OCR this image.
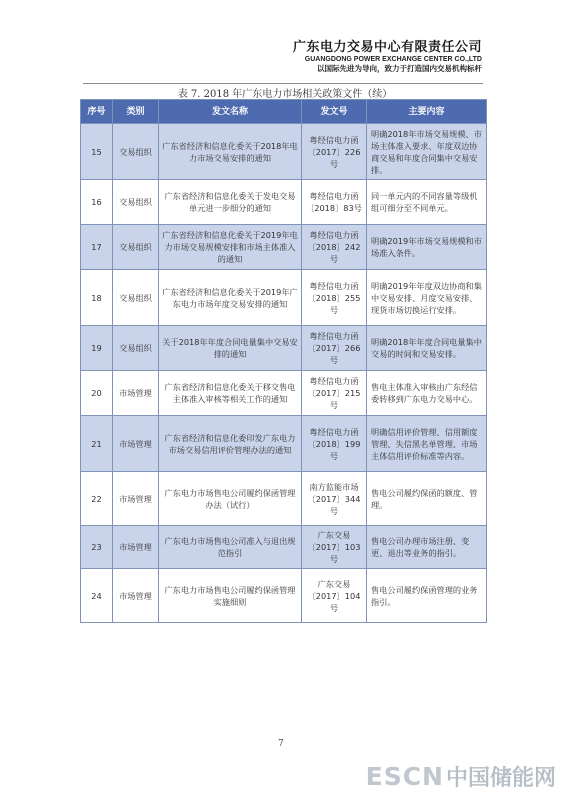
广东电力交易中心有限责任公司
GUANGDONG POWER EXCHANGE CENTER CO.,LTD
以国际先进为导向，致力于打造国内交易机构标杆
表 7. 2018 年广东电力市场相关政策文件（续）
序号	类别	发文名称	发文号	主要内容
15	交易组织	广东省经济和信息化委关于2018年电力市场交易安排的通知	粤经信电力函〔2017〕226号	明确2018年市场交易规模、市场主体准入要求、年度双边协商交易和年度合同集中交易安排。
16	交易组织	广东省经济和信息化委关于发电交易单元进一步细分的通知	粤经信电力函〔2018〕83号	同一单元内的不同容量等级机组可细分至不同单元。
17	交易组织	广东省经济和信息化委关于2019年电力市场交易规模安排和市场主体准入的通知	粤经信电力函〔2018〕242号	明确2019年市场交易规模和市场准入条件。
18	交易组织	广东省经济和信息化委关于2019年广东电力市场年度交易安排的通知	粤经信电力函〔2018〕255号	明确2019年年度双边协商和集中交易安排、月度交易安排、现货市场切换运行安排。
19	交易组织	关于2018年年度合同电量集中交易安排的通知	粤经信电力函〔2017〕266号	明确2018年年度合同电量集中交易的时间和交易安排。
20	市场管理	广东省经济和信息化委关于移交售电主体准入审核等相关工作的通知	粤经信电力函〔2017〕215号	售电主体准入审核由广东经信委转移到广东电力交易中心。
21	市场管理	广东省经济和信息化委印发广东电力市场交易信用评价管理办法的通知	粤经信电力函〔2018〕199号	明确信用评价管理、信用额度管理、失信黑名单管理、市场主体信用评价标准等内容。
22	市场管理	广东电力市场售电公司履约保函管理办法（试行）	南方监能市场〔2017〕344号	售电公司履约保函的额度、管理。
23	市场管理	广东电力市场售电公司准入与退出规范指引	广东交易〔2017〕103号	售电公司办理市场注册、变更、退出等业务的指引。
24	市场管理	广东电力市场售电公司履约保函管理实施细则	广东交易〔2017〕104号	售电公司履约保函管理的业务指引。
7
ESCN 中国储能网
